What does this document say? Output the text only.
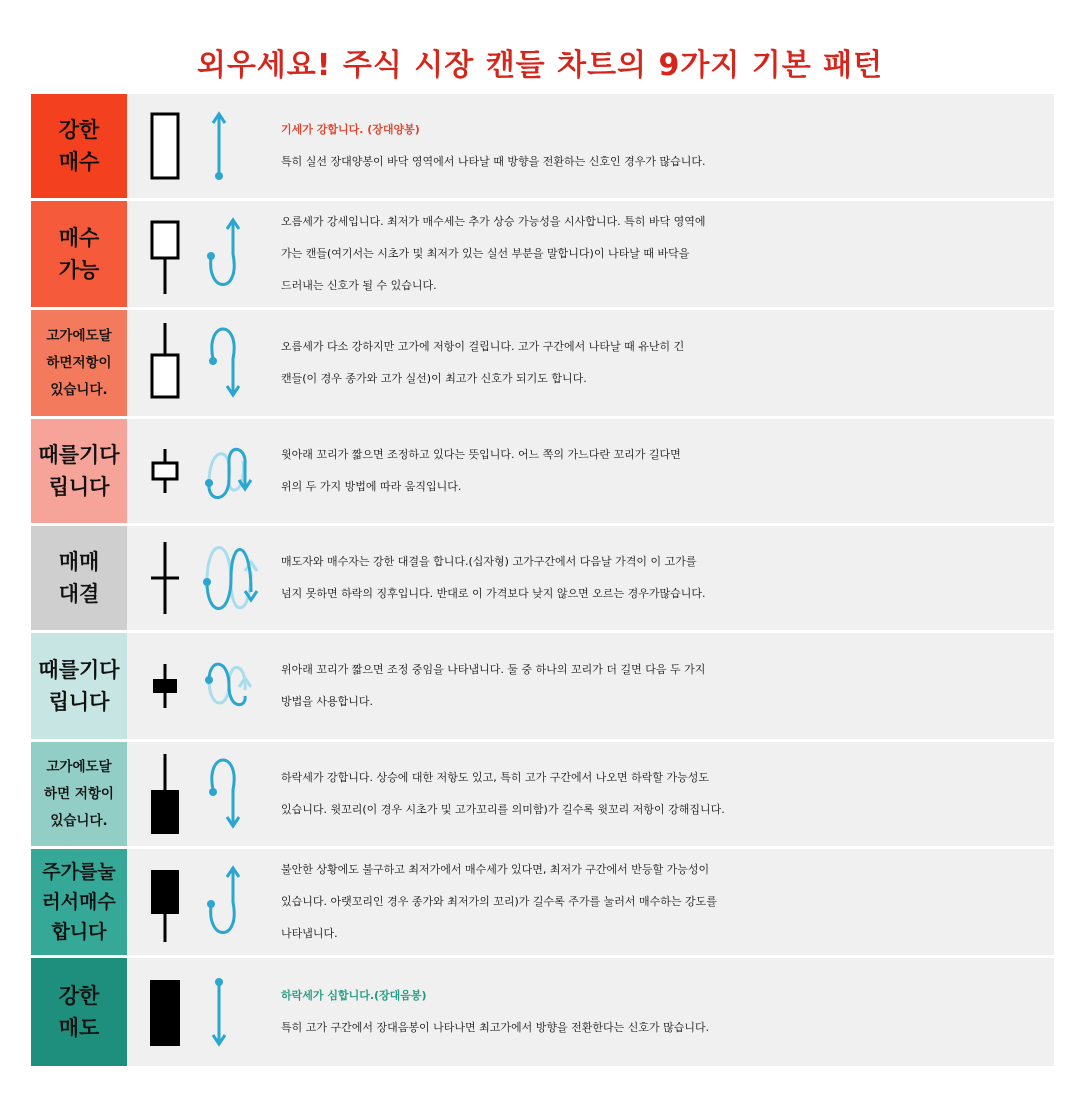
외우세요! 주식 시장 캔들 차트의 9가지 기본 패턴
강한
매수
기세가 강합니다. (장대양봉)
특히 실선 장대양봉이 바닥 영역에서 나타날 때 방향을 전환하는 신호인 경우가 많습니다.
매수
가능
오름세가 강세입니다. 최저가 매수세는 추가 상승 가능성을 시사합니다. 특히 바닥 영역에
가는 캔들(여기서는 시초가 및 최저가 있는 실선 부분을 말합니다)이 나타날 때 바닥을
드러내는 신호가 될 수 있습니다.
고가에도달
하면저항이
있습니다.
오름세가 다소 강하지만 고가에 저항이 걸립니다. 고가 구간에서 나타날 때 유난히 긴
캔들(이 경우 종가와 고가 실선)이 최고가 신호가 되기도 합니다.
때를기다
립니다
윗아래 꼬리가 짧으면 조정하고 있다는 뜻입니다. 어느 쪽의 가느다란 꼬리가 길다면
위의 두 가지 방법에 따라 움직입니다.
매매
대결
매도자와 매수자는 강한 대결을 합니다.(십자형) 고가구간에서 다음날 가격이 이 고가를
넘지 못하면 하락의 징후입니다. 반대로 이 가격보다 낮지 않으면 오르는 경우가많습니다.
때를기다
립니다
위아래 꼬리가 짧으면 조정 중임을 나타냅니다. 둘 중 하나의 꼬리가 더 길면 다음 두 가지
방법을 사용합니다.
고가에도달
하면 저항이
있습니다.
하락세가 강합니다. 상승에 대한 저항도 있고, 특히 고가 구간에서 나오면 하락할 가능성도
있습니다. 윗꼬리(이 경우 시초가 및 고가꼬리를 의미함)가 길수록 윗꼬리 저항이 강해집니다.
주가를눌
러서매수
합니다
불안한 상황에도 불구하고 최저가에서 매수세가 있다면, 최저가 구간에서 반등할 가능성이
있습니다. 아랫꼬리인 경우 종가와 최저가의 꼬리)가 길수록 주가를 눌러서 매수하는 강도를
나타냅니다.
강한
매도
하락세가 심합니다.(장대음봉)
특히 고가 구간에서 장대음봉이 나타나면 최고가에서 방향을 전환한다는 신호가 많습니다.
